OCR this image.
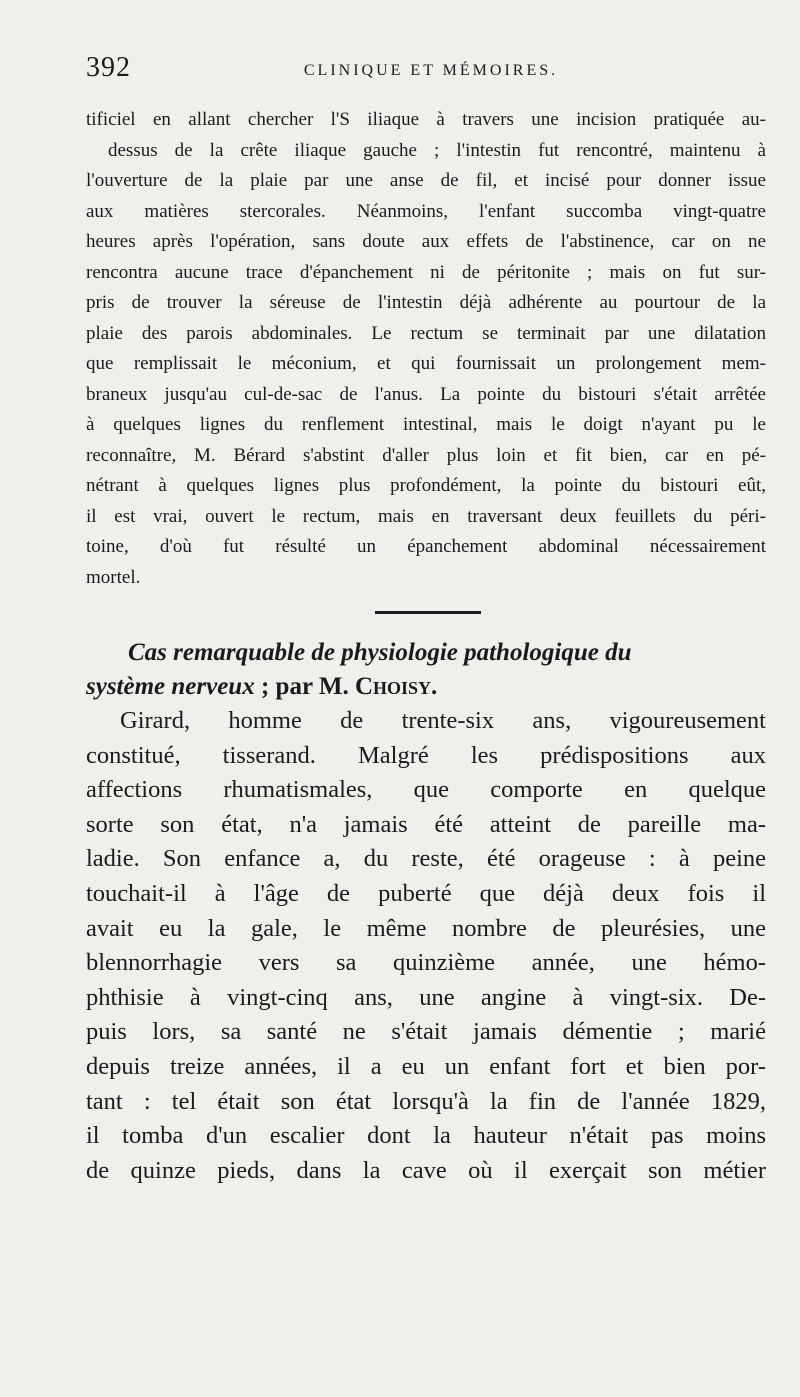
392	CLINIQUE ET MÉMOIRES.

tificiel en allant chercher l'S iliaque à travers une incision pratiquée au-
dessus de la crête iliaque gauche ; l'intestin fut rencontré, maintenu à
l'ouverture de la plaie par une anse de fil, et incisé pour donner issue
aux matières stercorales. Néanmoins, l'enfant succomba vingt-quatre
heures après l'opération, sans doute aux effets de l'abstinence, car on ne
rencontra aucune trace d'épanchement ni de péritonite ; mais on fut sur-
pris de trouver la séreuse de l'intestin déjà adhérente au pourtour de la
plaie des parois abdominales. Le rectum se terminait par une dilatation
que remplissait le méconium, et qui fournissait un prolongement mem-
braneux jusqu'au cul-de-sac de l'anus. La pointe du bistouri s'était arrêtée
à quelques lignes du renflement intestinal, mais le doigt n'ayant pu le
reconnaître, M. Bérard s'abstint d'aller plus loin et fit bien, car en pé-
nétrant à quelques lignes plus profondément, la pointe du bistouri eût,
il est vrai, ouvert le rectum, mais en traversant deux feuillets du péri-
toine, d'où fut résulté un épanchement abdominal nécessairement
mortel.

Cas remarquable de physiologie pathologique du
système nerveux ; par M. Choisy.

Girard, homme de trente-six ans, vigoureusement
constitué, tisserand. Malgré les prédispositions aux
affections rhumatismales, que comporte en quelque
sorte son état, n'a jamais été atteint de pareille ma-
ladie. Son enfance a, du reste, été orageuse : à peine
touchait-il à l'âge de puberté que déjà deux fois il
avait eu la gale, le même nombre de pleurésies, une
blennorrhagie vers sa quinzième année, une hémo-
phthisie à vingt-cinq ans, une angine à vingt-six. De-
puis lors, sa santé ne s'était jamais démentie ; marié
depuis treize années, il a eu un enfant fort et bien por-
tant : tel était son état lorsqu'à la fin de l'année 1829,
il tomba d'un escalier dont la hauteur n'était pas moins
de quinze pieds, dans la cave où il exerçait son métier
